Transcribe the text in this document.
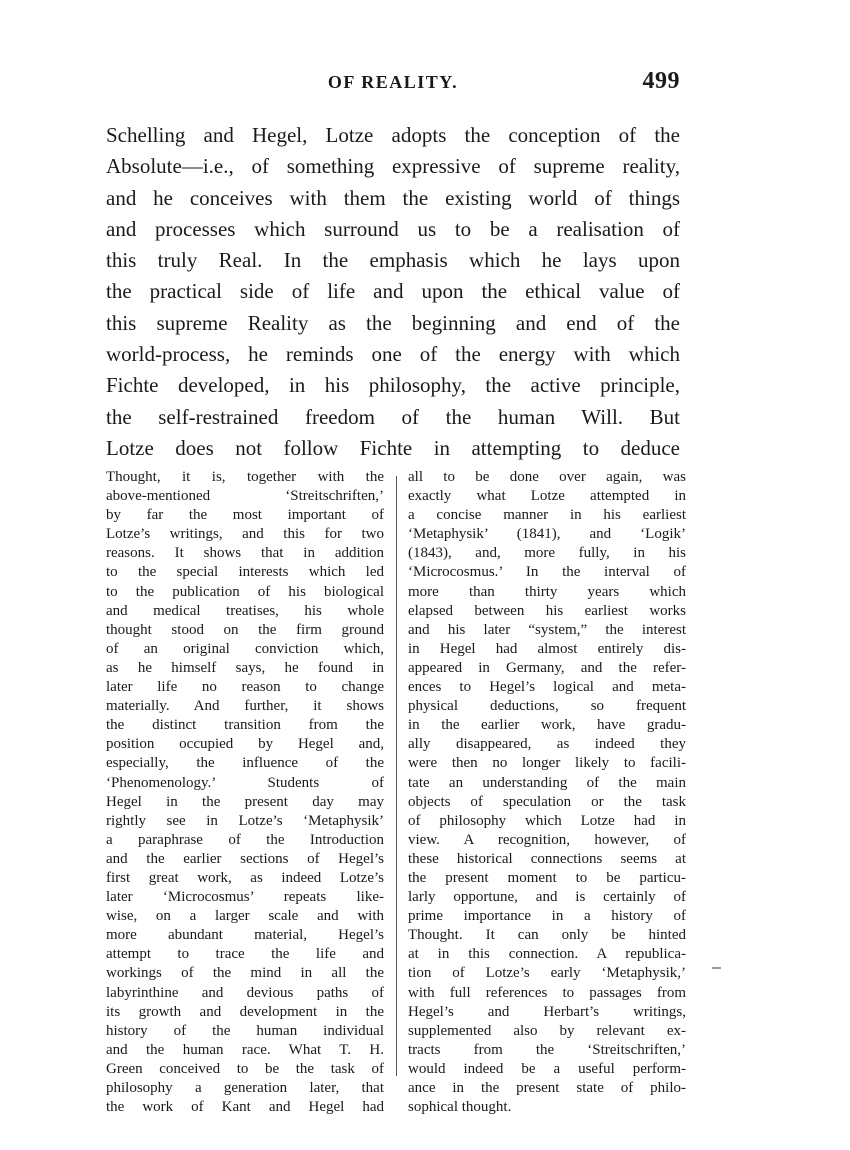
OF REALITY.	499
Schelling and Hegel, Lotze adopts the conception of the
Absolute—i.e., of something expressive of supreme reality,
and he conceives with them the existing world of things
and processes which surround us to be a realisation of
this truly Real. In the emphasis which he lays upon
the practical side of life and upon the ethical value of
this supreme Reality as the beginning and end of the
world-process, he reminds one of the energy with which
Fichte developed, in his philosophy, the active principle,
the self-restrained freedom of the human Will. But
Lotze does not follow Fichte in attempting to deduce
Thought, it is, together with the
above-mentioned ‘Streitschriften,’
by far the most important of
Lotze’s writings, and this for two
reasons. It shows that in addition
to the special interests which led
to the publication of his biological
and medical treatises, his whole
thought stood on the firm ground
of an original conviction which,
as he himself says, he found in
later life no reason to change
materially. And further, it shows
the distinct transition from the
position occupied by Hegel and,
especially, the influence of the
‘Phenomenology.’ Students of
Hegel in the present day may
rightly see in Lotze’s ‘Metaphysik’
a paraphrase of the Introduction
and the earlier sections of Hegel’s
first great work, as indeed Lotze’s
later ‘Microcosmus’ repeats like-
wise, on a larger scale and with
more abundant material, Hegel’s
attempt to trace the life and
workings of the mind in all the
labyrinthine and devious paths of
its growth and development in the
history of the human individual
and the human race. What T. H.
Green conceived to be the task of
philosophy a generation later, that
the work of Kant and Hegel had
all to be done over again, was
exactly what Lotze attempted in
a concise manner in his earliest
‘Metaphysik’ (1841), and ‘Logik’
(1843), and, more fully, in his
‘Microcosmus.’ In the interval of
more than thirty years which
elapsed between his earliest works
and his later “system,” the interest
in Hegel had almost entirely dis-
appeared in Germany, and the refer-
ences to Hegel’s logical and meta-
physical deductions, so frequent
in the earlier work, have gradu-
ally disappeared, as indeed they
were then no longer likely to facili-
tate an understanding of the main
objects of speculation or the task
of philosophy which Lotze had in
view. A recognition, however, of
these historical connections seems at
the present moment to be particu-
larly opportune, and is certainly of
prime importance in a history of
Thought. It can only be hinted
at in this connection. A republica-
tion of Lotze’s early ‘Metaphysik,’
with full references to passages from
Hegel’s and Herbart’s writings,
supplemented also by relevant ex-
tracts from the ‘Streitschriften,’
would indeed be a useful perform-
ance in the present state of philo-
sophical thought.
